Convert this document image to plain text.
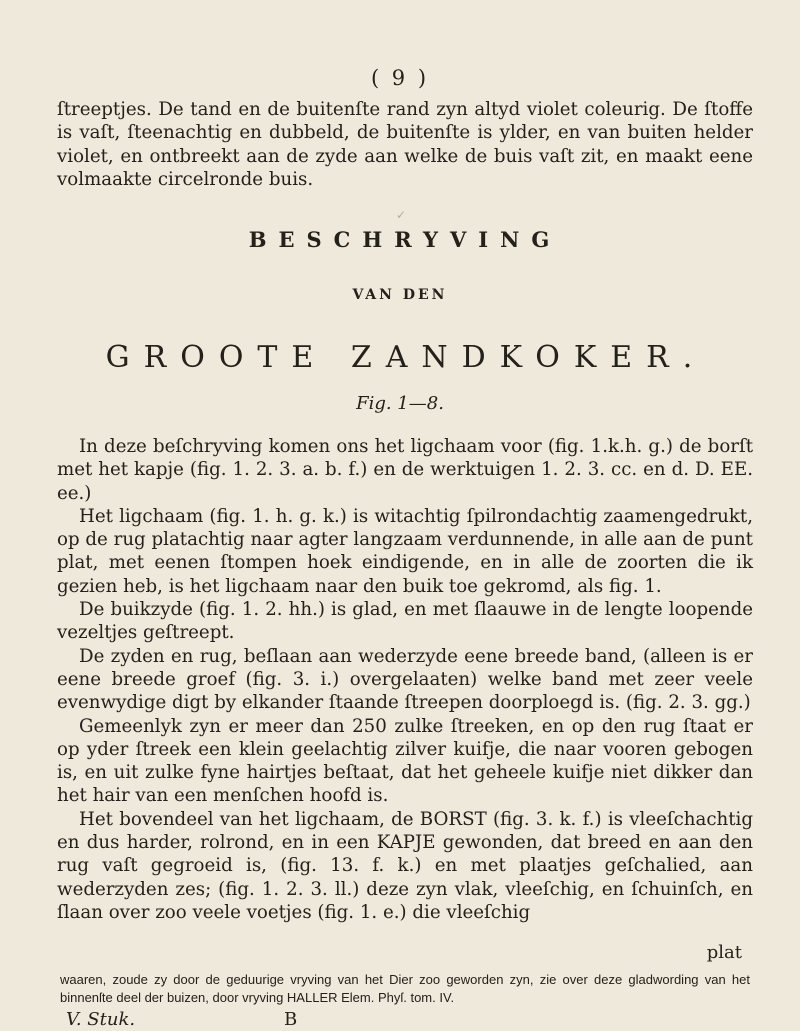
( 9 )

ſtreeptjes. De tand en de buitenſte rand zyn altyd violet coleurig. De ſtoffe is vaſt, ſteenachtig en dubbeld, de buitenſte is ylder, en van buiten helder violet, en ontbreekt aan de zyde aan welke de buis vaſt zit, en maakt eene volmaakte circelronde buis.

✓
BESCHRYVING
VAN DEN
GROOTE ZANDKOKER.
Fig. 1—8.

In deze beſchryving komen ons het ligchaam voor (fig. 1.k.h. g.) de borſt met het kapje (fig. 1. 2. 3. a. b. f.) en de werktuigen 1. 2. 3. cc. en d. D. EE. ee.)

Het ligchaam (fig. 1. h. g. k.) is witachtig ſpilrondachtig zaamengedrukt, op de rug platachtig naar agter langzaam verdunnende, in alle aan de punt plat, met eenen ſtompen hoek eindigende, en in alle de zoorten die ik gezien heb, is het ligchaam naar den buik toe gekromd, als fig. 1.

De buikzyde (fig. 1. 2. hh.) is glad, en met ſlaauwe in de lengte loopende vezeltjes geſtreept.

De zyden en rug, beſlaan aan wederzyde eene breede band, (alleen is er eene breede groef (fig. 3. i.) overgelaaten) welke band met zeer veele evenwydige digt by elkander ſtaande ſtreepen doorploegd is. (fig. 2. 3. gg.)

Gemeenlyk zyn er meer dan 250 zulke ſtreeken, en op den rug ſtaat er op yder ſtreek een klein geelachtig zilver kuifje, die naar vooren gebogen is, en uit zulke fyne hairtjes beſtaat, dat het geheele kuifje niet dikker dan het hair van een menſchen hoofd is.

Het bovendeel van het ligchaam, de BORST (fig. 3. k. f.) is vleeſchachtig en dus harder, rolrond, en in een KAPJE gewonden, dat breed en aan den rug vaſt gegroeid is, (fig. 13. f. k.) en met plaatjes geſchalied, aan wederzyden zes; (fig. 1. 2. 3. ll.) deze zyn vlak, vleeſchig, en ſchuinſch, en ſlaan over zoo veele voetjes (fig. 1. e.) die vleeſchig

plat

waaren, zoude zy door de geduurige vryving van het Dier zoo geworden zyn, zie over deze gladwording van het binnenſte deel der buizen, door vryving HALLER Elem. Phyſ. tom. IV.

V. Stuk.	B
